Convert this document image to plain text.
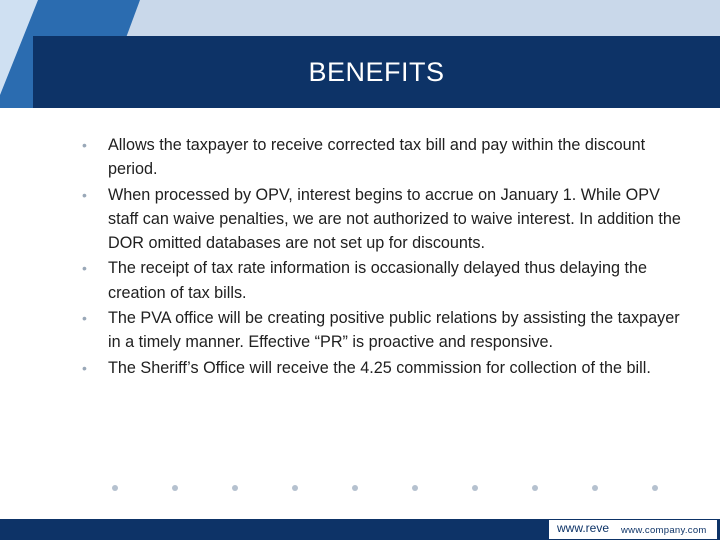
BENEFITS
• Allows the taxpayer to receive corrected tax bill and pay within the discount period.
• When processed by OPV, interest begins to accrue on January 1. While OPV staff can waive penalties, we are not authorized to waive interest. In addition the DOR omitted databases are not set up for discounts.
• The receipt of tax rate information is occasionally delayed thus delaying the creation of tax bills.
• The PVA office will be creating positive public relations by assisting the taxpayer in a timely manner. Effective “PR” is proactive and responsive.
• The Sheriff’s Office will receive the 4.25 commission for collection of the bill.
www.reve www.company.com
